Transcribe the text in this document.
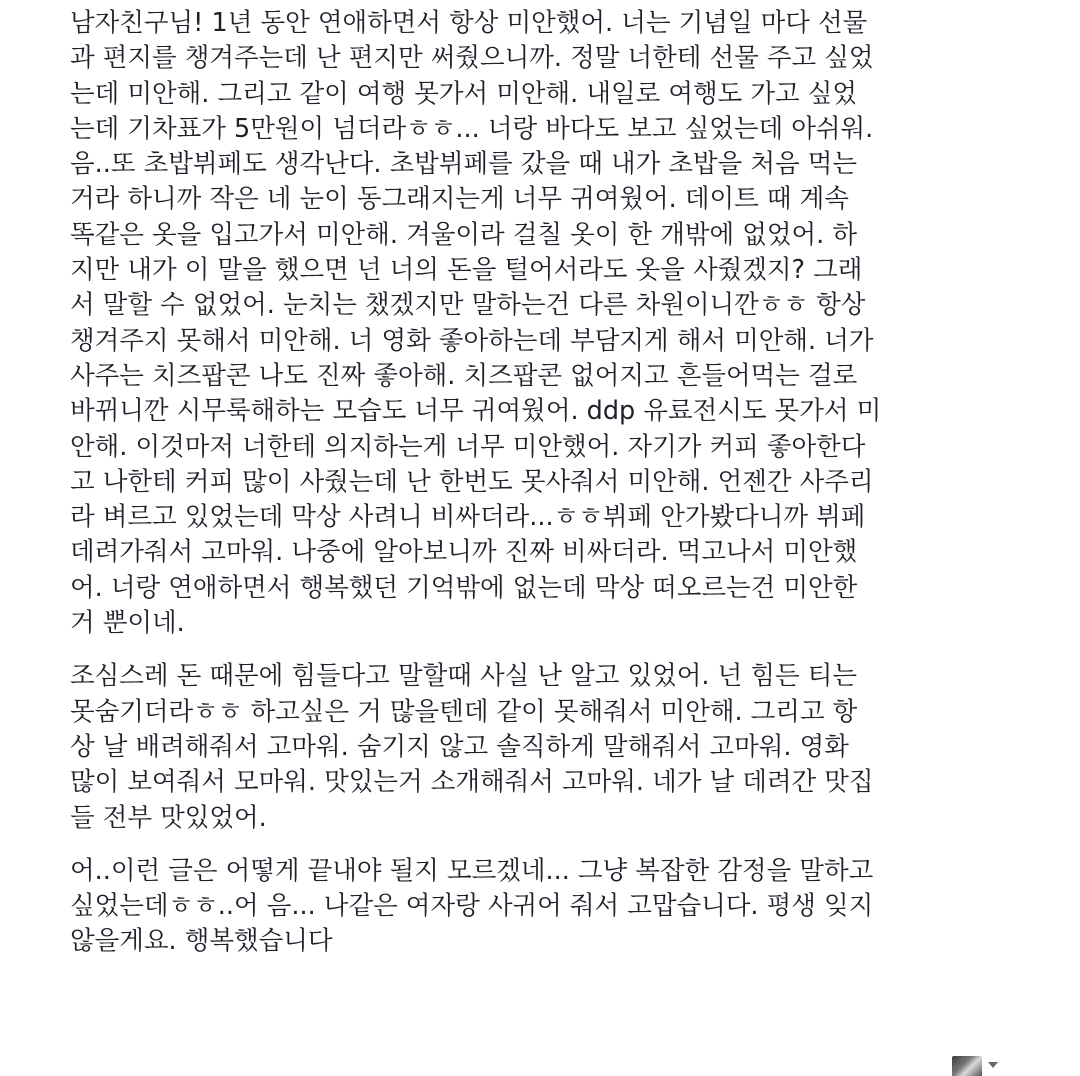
남자친구님! 1년 동안 연애하면서 항상 미안했어. 너는 기념일 마다 선물
과 편지를 챙겨주는데 난 편지만 써줬으니까. 정말 너한테 선물 주고 싶었
는데 미안해. 그리고 같이 여행 못가서 미안해. 내일로 여행도 가고 싶었
는데 기차표가 5만원이 넘더라ㅎㅎ... 너랑 바다도 보고 싶었는데 아쉬워.
음..또 초밥뷔페도 생각난다. 초밥뷔페를 갔을 때 내가 초밥을 처음 먹는
거라 하니까 작은 네 눈이 동그래지는게 너무 귀여웠어. 데이트 때 계속
똑같은 옷을 입고가서 미안해. 겨울이라 걸칠 옷이 한 개밖에 없었어. 하
지만 내가 이 말을 했으면 넌 너의 돈을 털어서라도 옷을 사줬겠지? 그래
서 말할 수 없었어. 눈치는 챘겠지만 말하는건 다른 차원이니깐ㅎㅎ 항상
챙겨주지 못해서 미안해. 너 영화 좋아하는데 부담지게 해서 미안해. 너가
사주는 치즈팝콘 나도 진짜 좋아해. 치즈팝콘 없어지고 흔들어먹는 걸로
바뀌니깐 시무룩해하는 모습도 너무 귀여웠어. ddp 유료전시도 못가서 미
안해. 이것마저 너한테 의지하는게 너무 미안했어. 자기가 커피 좋아한다
고 나한테 커피 많이 사줬는데 난 한번도 못사줘서 미안해. 언젠간 사주리
라 벼르고 있었는데 막상 사려니 비싸더라...ㅎㅎ뷔페 안가봤다니까 뷔페
데려가줘서 고마워. 나중에 알아보니까 진짜 비싸더라. 먹고나서 미안했
어. 너랑 연애하면서 행복했던 기억밖에 없는데 막상 떠오르는건 미안한
거 뿐이네.
조심스레 돈 때문에 힘들다고 말할때 사실 난 알고 있었어. 넌 힘든 티는
못숨기더라ㅎㅎ 하고싶은 거 많을텐데 같이 못해줘서 미안해. 그리고 항
상 날 배려해줘서 고마워. 숨기지 않고 솔직하게 말해줘서 고마워. 영화
많이 보여줘서 모마워. 맛있는거 소개해줘서 고마워. 네가 날 데려간 맛집
들 전부 맛있었어.
어..이런 글은 어떻게 끝내야 될지 모르겠네... 그냥 복잡한 감정을 말하고
싶었는데ㅎㅎ..어 음... 나같은 여자랑 사귀어 줘서 고맙습니다. 평생 잊지
않을게요. 행복했습니다
